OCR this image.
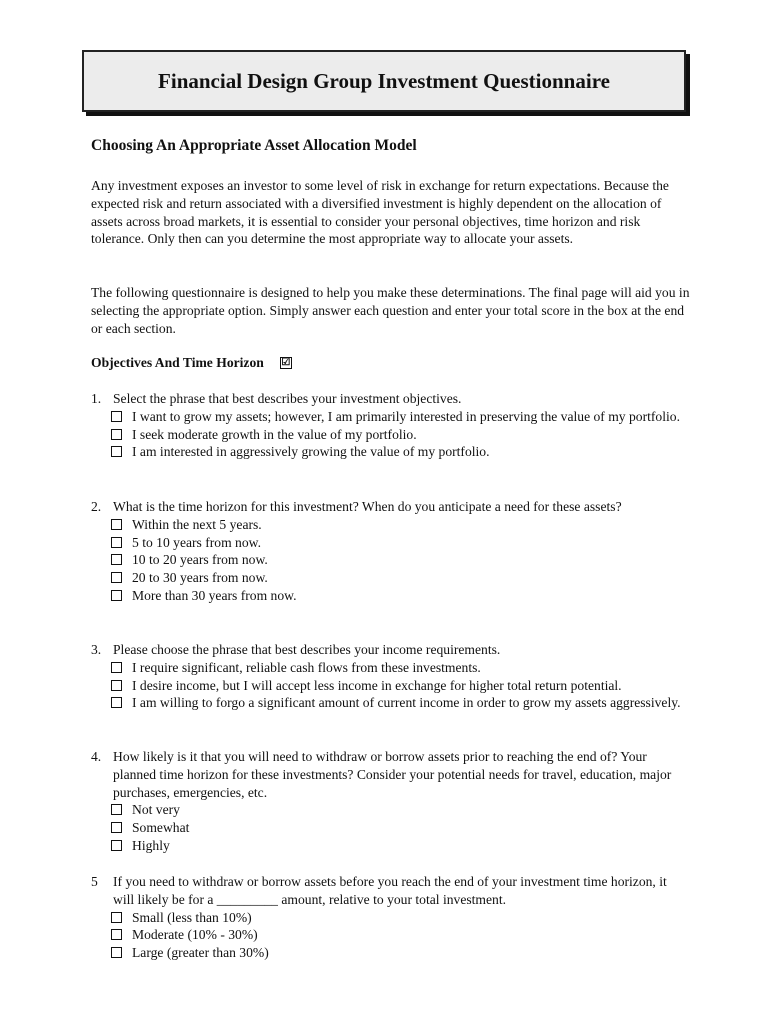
Financial Design Group Investment Questionnaire
Choosing An Appropriate Asset Allocation Model

Any investment exposes an investor to some level of risk in exchange for return expectations. Because the expected risk and return associated with a diversified investment is highly dependent on the allocation of assets across broad markets, it is essential to consider your personal objectives, time horizon and risk tolerance. Only then can you determine the most appropriate way to allocate your assets.

The following questionnaire is designed to help you make these determinations. The final page will aid you in selecting the appropriate option. Simply answer each question and enter your total score in the box at the end or each section.

Objectives And Time Horizon ☑
1. Select the phrase that best describes your investment objectives.
I want to grow my assets; however, I am primarily interested in preserving the value of my portfolio.
I seek moderate growth in the value of my portfolio.
I am interested in aggressively growing the value of my portfolio.
2. What is the time horizon for this investment? When do you anticipate a need for these assets?
Within the next 5 years.
5 to 10 years from now.
10 to 20 years from now.
20 to 30 years from now.
More than 30 years from now.
3. Please choose the phrase that best describes your income requirements.
I require significant, reliable cash flows from these investments.
I desire income, but I will accept less income in exchange for higher total return potential.
I am willing to forgo a significant amount of current income in order to grow my assets aggressively.
4. How likely is it that you will need to withdraw or borrow assets prior to reaching the end of? Your planned time horizon for these investments? Consider your potential needs for travel, education, major purchases, emergencies, etc.
Not very
Somewhat
Highly
5	If you need to withdraw or borrow assets before you reach the end of your investment time horizon, it will likely be for a _________ amount, relative to your total investment.
Small (less than 10%)
Moderate (10% - 30%)
Large (greater than 30%)
